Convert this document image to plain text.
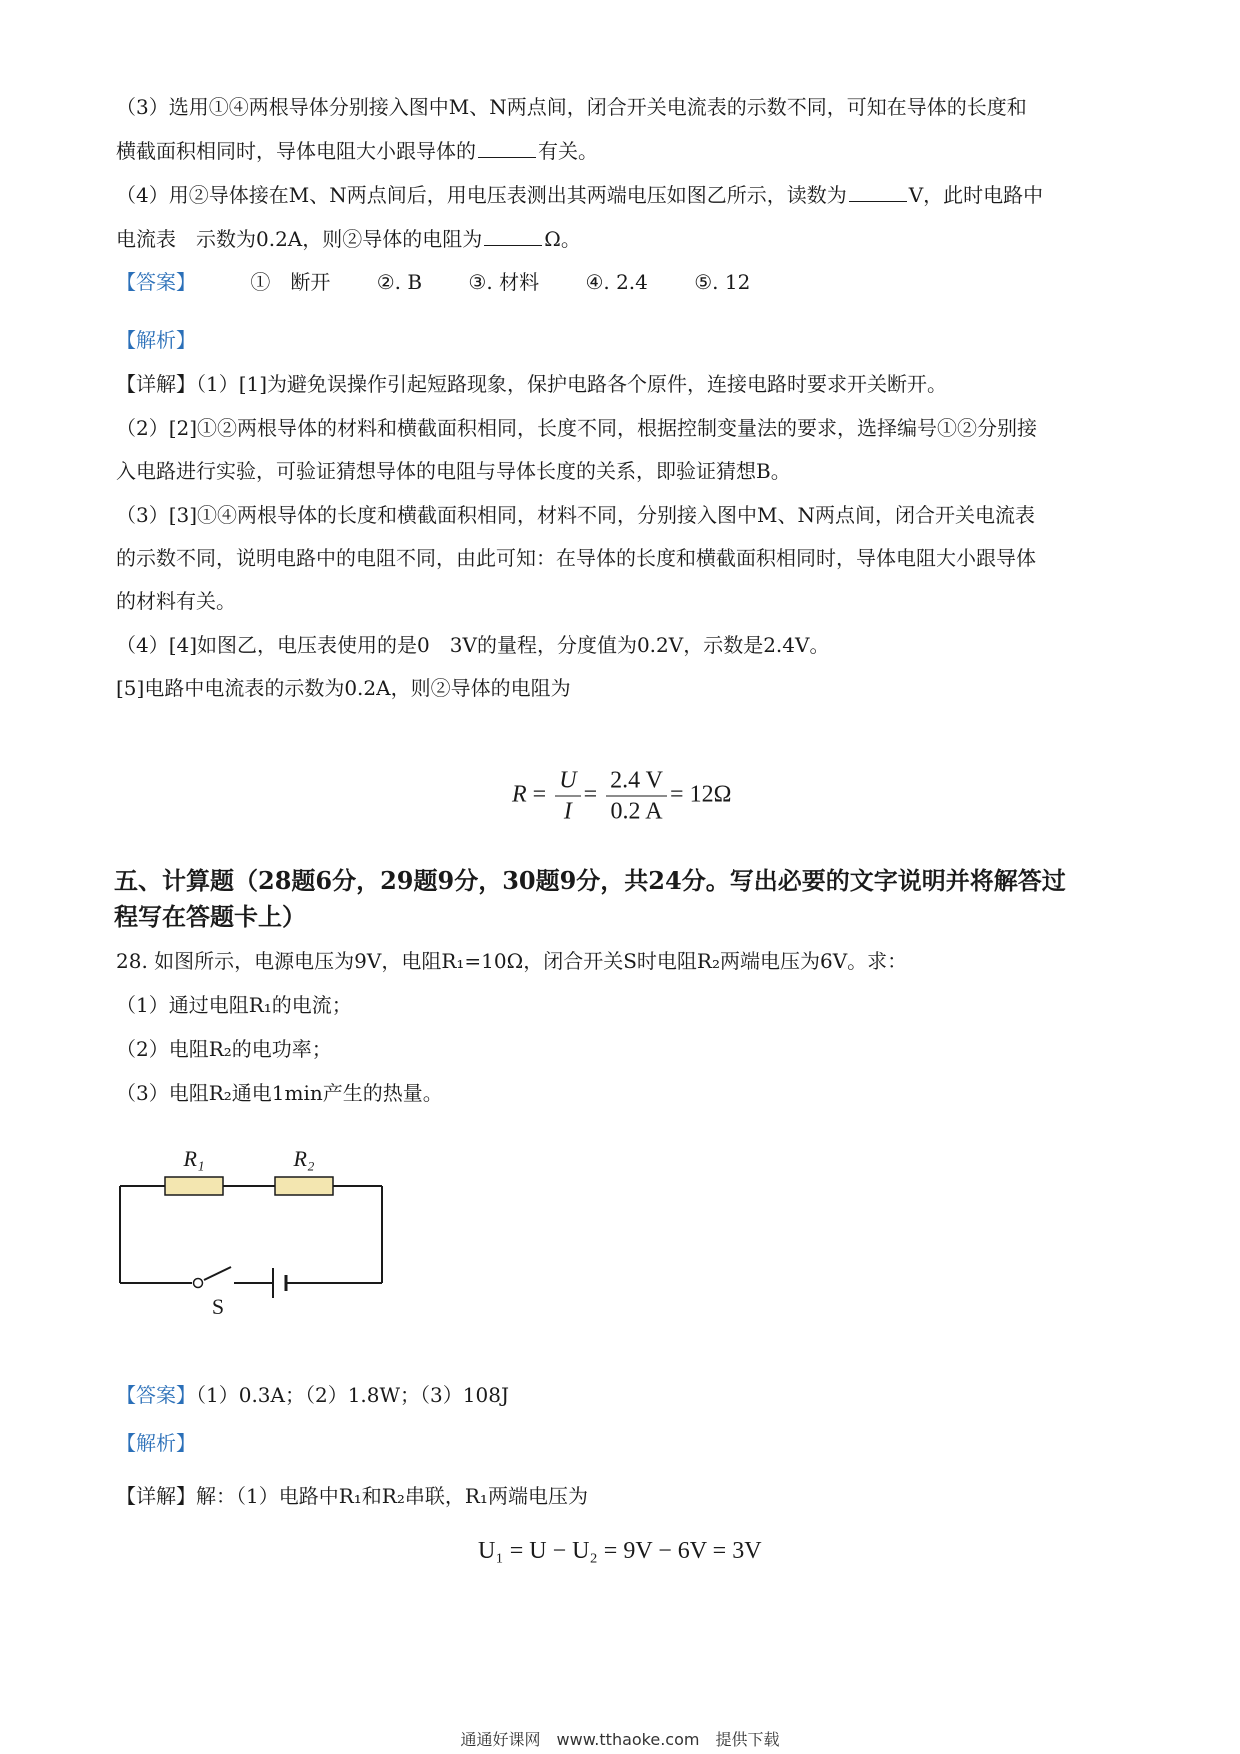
（3）选用①④两根导体分别接入图中M、N两点间，闭合开关电流表的示数不同，可知在导体的长度和
横截面积相同时，导体电阻大小跟导体的	有关。
（4）用②导体接在M、N两点间后，用电压表测出其两端电压如图乙所示，读数为	V，此时电路中
电流表　示数为0.2A，则②导体的电阻为	Ω。
【答案】	①　断开 ②. B ③. 材料 ④. 2.4 ⑤. 12
【解析】
【详解】（1）[1]为避免误操作引起短路现象，保护电路各个原件，连接电路时要求开关断开。
（2）[2]①②两根导体的材料和横截面积相同，长度不同，根据控制变量法的要求，选择编号①②分别接
入电路进行实验，可验证猜想导体的电阻与导体长度的关系，即验证猜想B。
（3）[3]①④两根导体的长度和横截面积相同，材料不同，分别接入图中M、N两点间，闭合开关电流表
的示数不同，说明电路中的电阻不同，由此可知：在导体的长度和横截面积相同时，导体电阻大小跟导体
的材料有关。
（4）[4]如图乙，电压表使用的是0　3V的量程，分度值为0.2V，示数是2.4V。
[5]电路中电流表的示数为0.2A，则②导体的电阻为
$R = \frac{U}{I} = \frac{2.4 V}{0.2 A} = 12\Omega$
五、计算题（28题6分，29题9分，30题9分，共24分。写出必要的文字说明并将解答过
程写在答题卡上）
28. 如图所示，电源电压为9V，电阻R₁=10Ω，闭合开关S时电阻R₂两端电压为6V。求：
（1）通过电阻R₁的电流；
（2）电阻R₂的电功率；
（3）电阻R₂通电1min产生的热量。
R₁	R₂
S
【答案】（1）0.3A；（2）1.8W；（3）108J
【解析】
【详解】解：（1）电路中R₁和R₂串联，R₁两端电压为
U₁ = U − U₂ = 9V − 6V = 3V
通通好课网　www.tthaoke.com　提供下载
